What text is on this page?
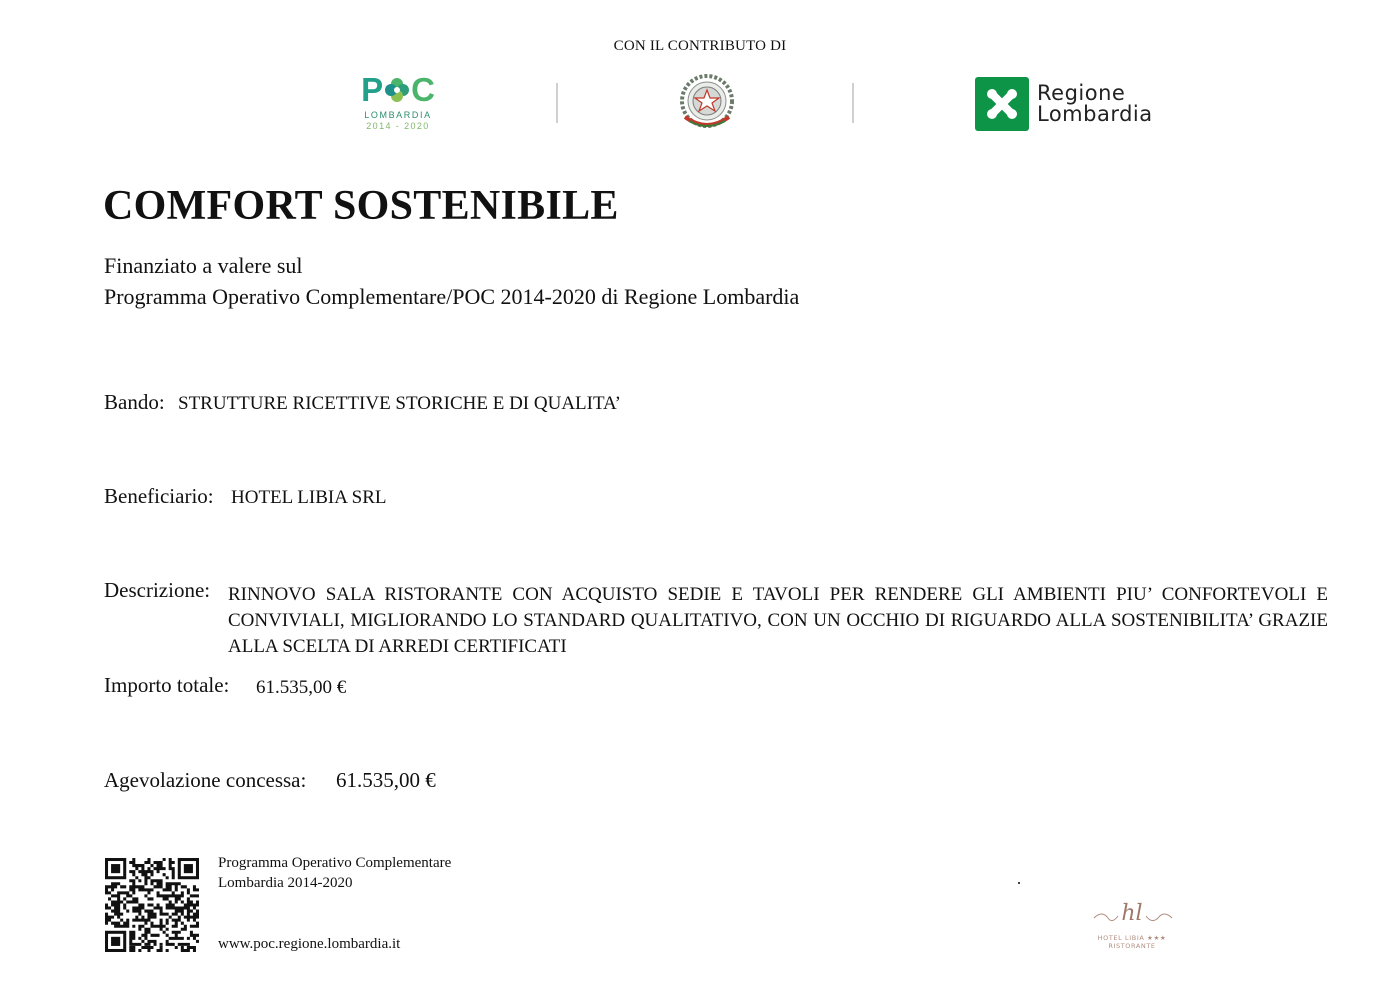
CON IL CONTRIBUTO DI
P C
LOMBARDIA
2014 - 2020
Regione
Lombardia
COMFORT SOSTENIBILE
Finanziato a valere sul
Programma Operativo Complementare/POC 2014-2020 di Regione Lombardia
Bando: STRUTTURE RICETTIVE STORICHE E DI QUALITA’
Beneficiario: HOTEL LIBIA SRL
Descrizione: RINNOVO SALA RISTORANTE CON ACQUISTO SEDIE E TAVOLI PER RENDERE GLI AMBIENTI PIU’ CONFORTEVOLI E CONVIVIALI, MIGLIORANDO LO STANDARD QUALITATIVO, CON UN OCCHIO DI RIGUARDO ALLA SOSTENIBILITA’ GRAZIE ALLA SCELTA DI ARREDI CERTIFICATI
Importo totale: 61.535,00 €
Agevolazione concessa: 61.535,00 €
Programma Operativo Complementare
Lombardia 2014-2020
www.poc.regione.lombardia.it
hl
HOTEL LIBIA ★★★
RISTORANTE
